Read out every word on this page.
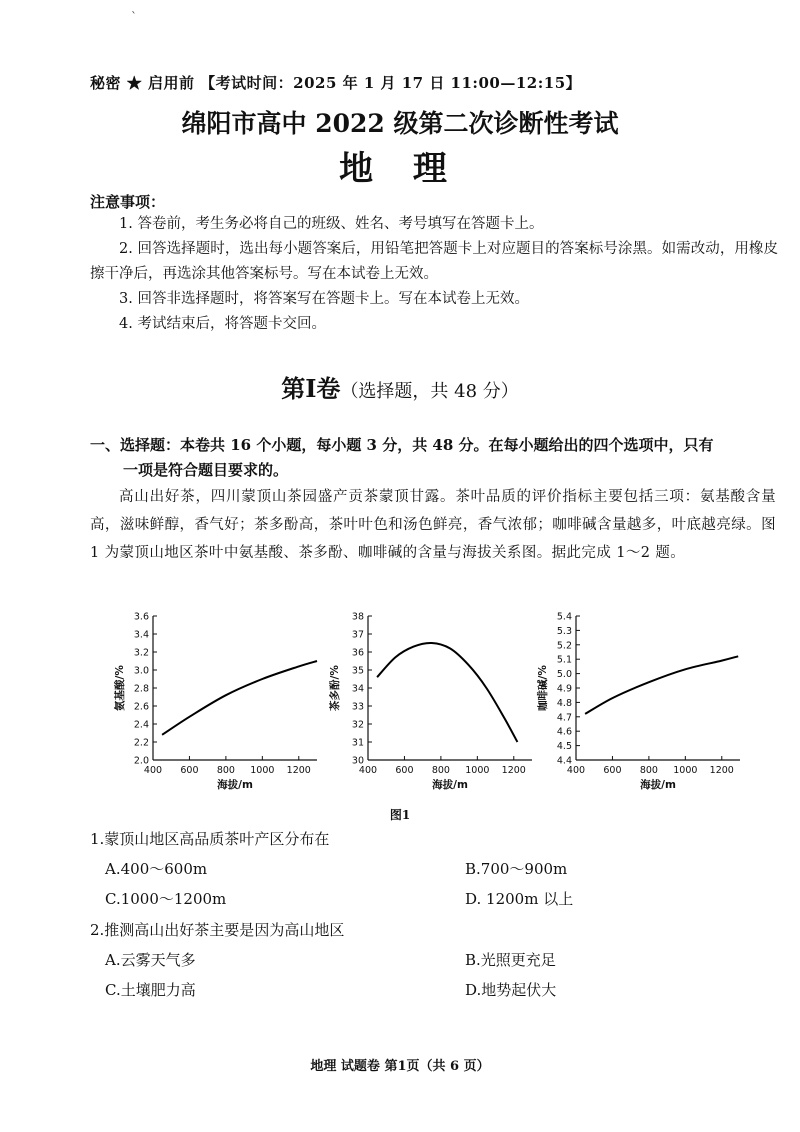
`
秘密 ★ 启用前 【考试时间：2025 年 1 月 17 日 11:00—12:15】
绵阳市高中 2022 级第二次诊断性考试
地 理
注意事项：

1. 答卷前，考生务必将自己的班级、姓名、考号填写在答题卡上。

2. 回答选择题时，选出每小题答案后，用铅笔把答题卡上对应题目的答案标号涂黑。如需改动，用橡皮擦干净后，再选涂其他答案标号。写在本试卷上无效。

3. 回答非选择题时，将答案写在答题卡上。写在本试卷上无效。

4. 考试结束后，将答题卡交回。

第Ⅰ卷（选择题，共 48 分）
一、选择题：本卷共 16 个小题，每小题 3 分，共 48 分。在每小题给出的四个选项中，只有
一项是符合题目要求的。

高山出好茶，四川蒙顶山茶园盛产贡茶蒙顶甘露。茶叶品质的评价指标主要包括三项：氨基酸含量高，滋味鲜醇，香气好；茶多酚高，茶叶叶色和汤色鲜亮，香气浓郁；咖啡碱含量越多，叶底越亮绿。图 1 为蒙顶山地区茶叶中氨基酸、茶多酚、咖啡碱的含量与海拔关系图。据此完成 1～2 题。

2.0
2.2
2.4
2.6
2.8
3.0
3.2
3.4
3.6
400 600 800 1000 1200
海拔/m
氨基酸/%
30
31
32
33
34
35
36
37
38
400 600 800 1000 1200
海拔/m
茶多酚/%
4.4
4.5
4.6
4.7
4.8
4.9
5.0
5.1
5.2
5.3
5.4
400 600 800 1000 1200
海拔/m
咖啡碱/%
图1
1.蒙顶山地区高品质茶叶产区分布在
A.400～600m	B.700～900m
C.1000～1200m	D. 1200m 以上
2.推测高山出好茶主要是因为高山地区
A.云雾天气多	B.光照更充足
C.土壤肥力高	D.地势起伏大
地理 试题卷 第1页（共 6 页）
